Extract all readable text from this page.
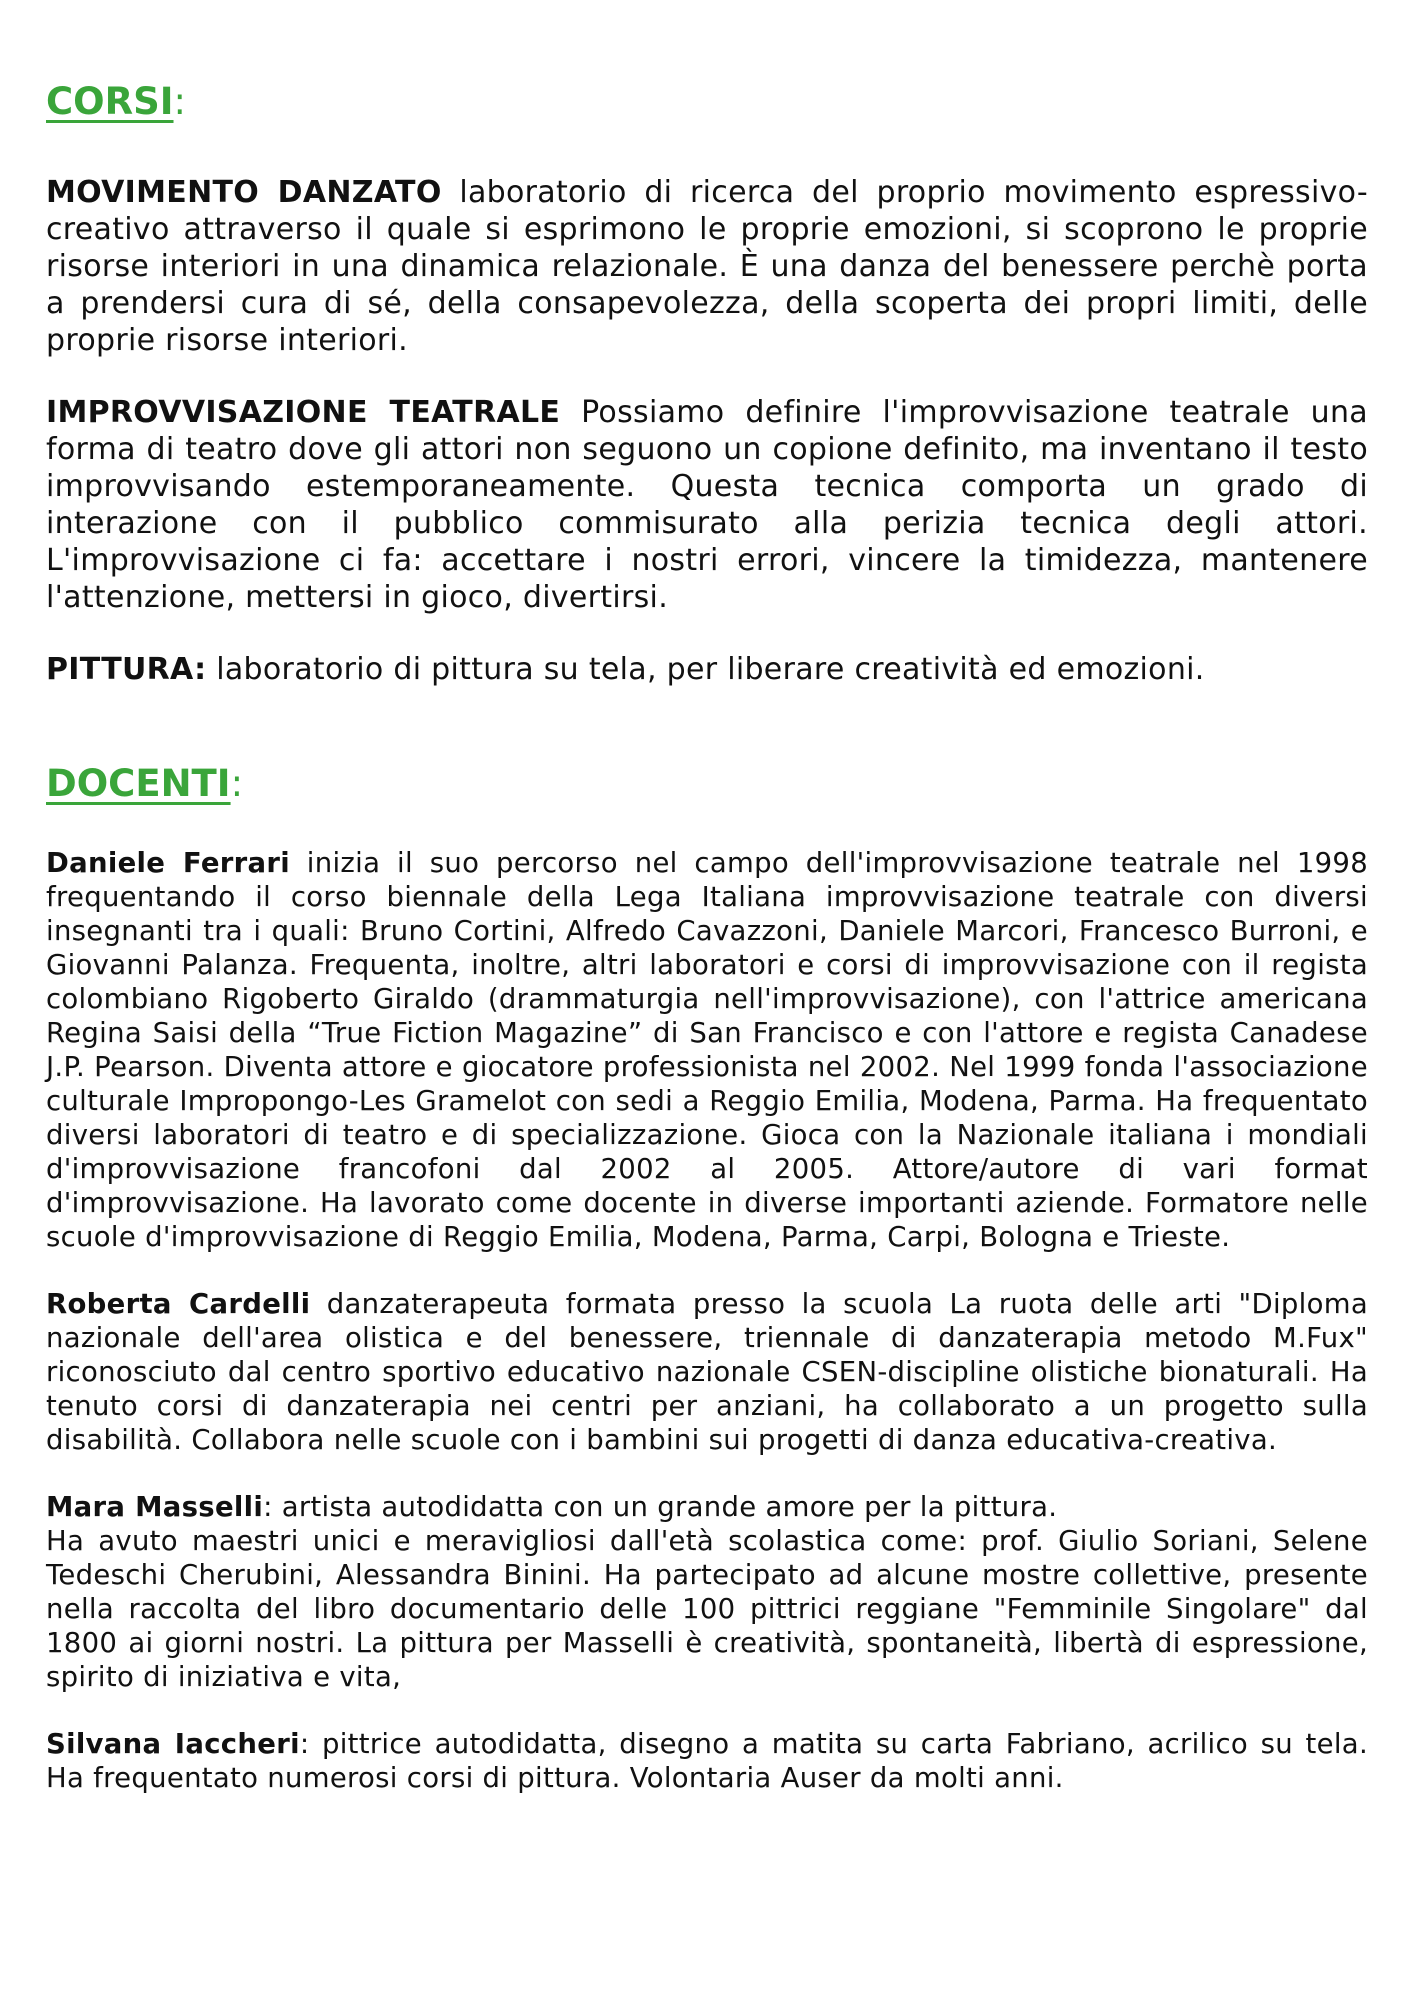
CORSI:

MOVIMENTO DANZATO laboratorio di ricerca del proprio movimento espressivo-creativo attraverso il quale si esprimono le proprie emozioni, si scoprono le proprie risorse interiori in una dinamica relazionale. È una danza del benessere perchè porta a prendersi cura di sé, della consapevolezza, della scoperta dei propri limiti, delle proprie risorse interiori.

IMPROVVISAZIONE TEATRALE Possiamo definire l'improvvisazione teatrale una forma di teatro dove gli attori non seguono un copione definito, ma inventano il testo improvvisando estemporaneamente. Questa tecnica comporta un grado di interazione con il pubblico commisurato alla perizia tecnica degli attori. L'improvvisazione ci fa: accettare i nostri errori, vincere la timidezza, mantenere l'attenzione, mettersi in gioco, divertirsi.

PITTURA: laboratorio di pittura su tela, per liberare creatività ed emozioni.

DOCENTI:

Daniele Ferrari inizia il suo percorso nel campo dell'improvvisazione teatrale nel 1998 frequentando il corso biennale della Lega Italiana improvvisazione teatrale con diversi insegnanti tra i quali: Bruno Cortini, Alfredo Cavazzoni, Daniele Marcori, Francesco Burroni, e Giovanni Palanza. Frequenta, inoltre, altri laboratori e corsi di improvvisazione con il regista colombiano Rigoberto Giraldo (drammaturgia nell'improvvisazione), con l'attrice americana Regina Saisi della “True Fiction Magazine” di San Francisco e con l'attore e regista Canadese J.P. Pearson. Diventa attore e giocatore professionista nel 2002. Nel 1999 fonda l'associazione culturale Impropongo-Les Gramelot con sedi a Reggio Emilia, Modena, Parma. Ha frequentato diversi laboratori di teatro e di specializzazione. Gioca con la Nazionale italiana i mondiali d'improvvisazione francofoni dal 2002 al 2005. Attore/autore di vari format d'improvvisazione. Ha lavorato come docente in diverse importanti aziende. Formatore nelle scuole d'improvvisazione di Reggio Emilia, Modena, Parma, Carpi, Bologna e Trieste.

Roberta Cardelli danzaterapeuta formata presso la scuola La ruota delle arti "Diploma nazionale dell'area olistica e del benessere, triennale di danzaterapia metodo M.Fux" riconosciuto dal centro sportivo educativo nazionale CSEN-discipline olistiche bionaturali. Ha tenuto corsi di danzaterapia nei centri per anziani, ha collaborato a un progetto sulla disabilità. Collabora nelle scuole con i bambini sui progetti di danza educativa-creativa.

Mara Masselli: artista autodidatta con un grande amore per la pittura.
Ha avuto maestri unici e meravigliosi dall'età scolastica come: prof. Giulio Soriani, Selene Tedeschi Cherubini, Alessandra Binini. Ha partecipato ad alcune mostre collettive, presente nella raccolta del libro documentario delle 100 pittrici reggiane "Femminile Singolare" dal 1800 ai giorni nostri. La pittura per Masselli è creatività, spontaneità, libertà di espressione, spirito di iniziativa e vita,

Silvana Iaccheri: pittrice autodidatta, disegno a matita su carta Fabriano, acrilico su tela. Ha frequentato numerosi corsi di pittura. Volontaria Auser da molti anni.
